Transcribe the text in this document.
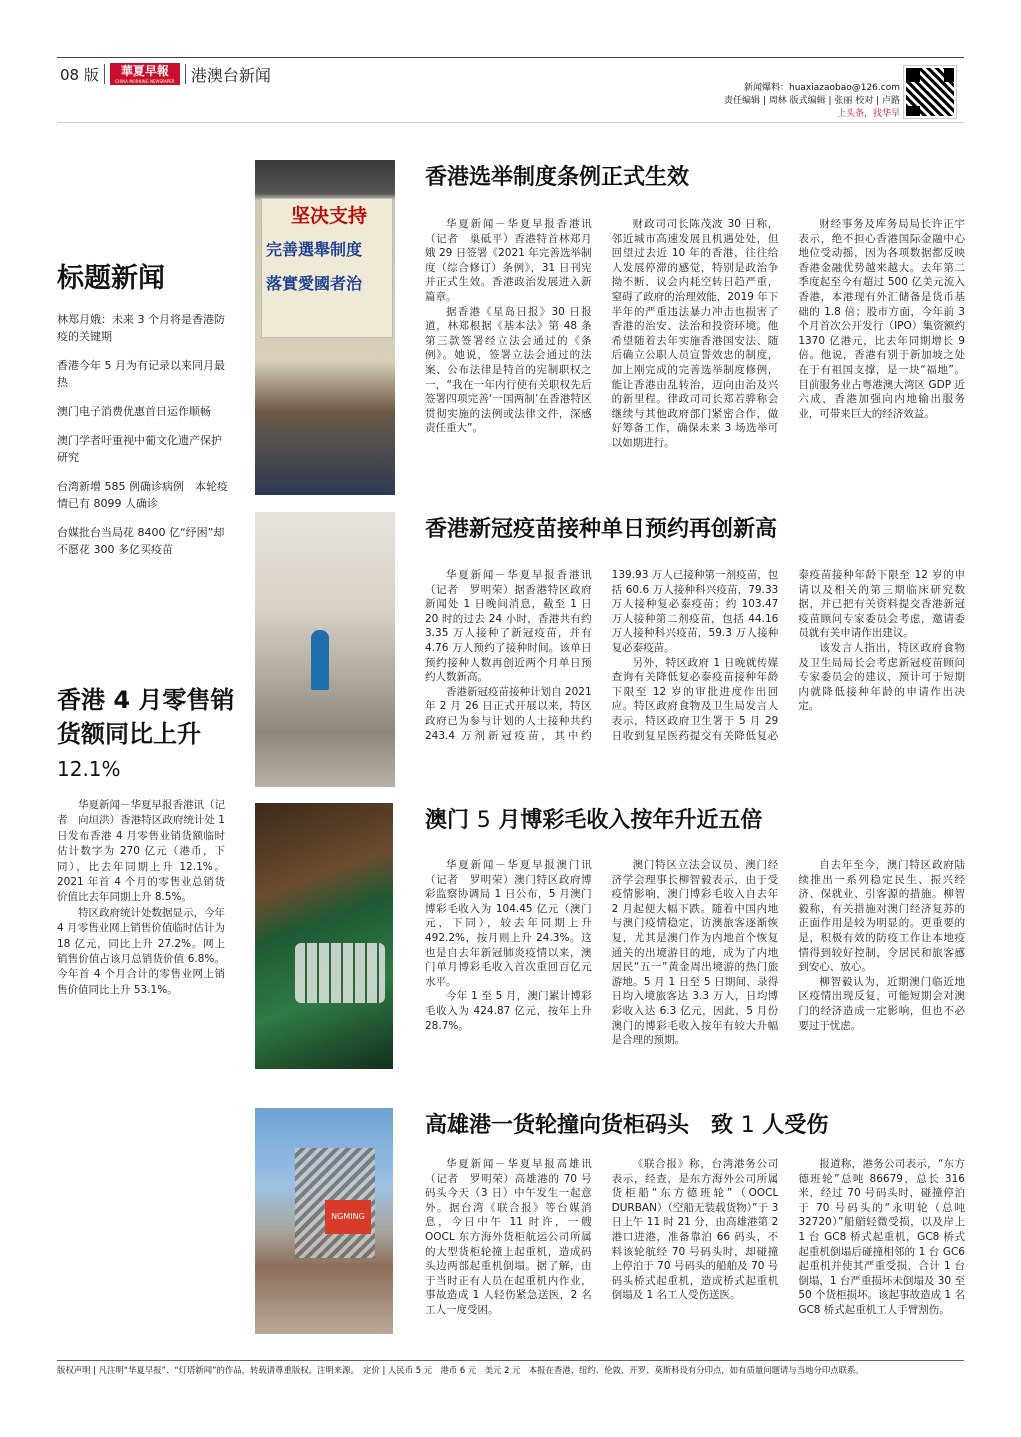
08 版	華夏早報
CHINA MORNING NEWSPAPER	港澳台新闻
新闻爆料：huaxiazaobao@126.com
责任编辑 | 周林 版式编辑 | 张丽 校对 | 卢路
上头条，找华早
坚决支持
完善選舉制度
落實愛國者治
NGMING
标题新闻
林郑月娥：未来 3 个月将是香港防疫的关键期
香港今年 5 月为有记录以来同月最热
澳门电子消费优惠首日运作顺畅
澳门学者吁重视中葡文化遗产保护研究
台湾新增 585 例确诊病例　本轮疫情已有 8099 人确诊
台媒批台当局花 8400 亿“纾困”却不愿花 300 多亿买疫苗
香港 4 月零售销货额同比上升 12.1%

华夏新闻－华夏早报香港讯（记者　向垣洪）香港特区政府统计处 1 日发布香港 4 月零售业销货额临时估计数字为 270 亿元（港币，下同），比去年同期上升 12.1%。2021 年首 4 个月的零售业总销货价值比去年同期上升 8.5%。

特区政府统计处数据显示，今年 4 月零售业网上销售价值临时估计为 18 亿元，同比上升 27.2%。网上销售价值占该月总销货价值 6.8%。今年首 4 个月合计的零售业网上销售价值同比上升 53.1%。

香港选举制度条例正式生效

华夏新闻－华夏早报香港讯（记者　巢砥平）香港特首林郑月娥 29 日签署《2021 年完善选举制度（综合修订）条例》，31 日刊宪并正式生效。香港政治发展进入新篇章。

据香港《星岛日报》30 日报道，林郑根据《基本法》第 48 条第三款签署经立法会通过的《条例》。她说，签署立法会通过的法案、公布法律是特首的宪制职权之一，“我在一年内行使有关职权先后签署四项完善‘一国两制’在香港特区贯彻实施的法例或法律文件，深感责任重大”。

财政司司长陈茂波 30 日称，邻近城市高速发展且机遇处处，但回望过去近 10 年的香港，往往给人发展停滞的感觉，特别是政治争拗不断、议会内耗空转日趋严重，窒碍了政府的治理效能，2019 年下半年的严重违法暴力冲击也损害了香港的治安、法治和投资环境。他希望随着去年实施香港国安法、随后确立公职人员宣誓效忠的制度，加上刚完成的完善选举制度修例，能让香港由乱转治，迈向由治及兴的新里程。律政司司长郑若骅称会继续与其他政府部门紧密合作，做好筹备工作，确保未来 3 场选举可以如期进行。

财经事务及库务局局长许正宇表示，绝不担心香港国际金融中心地位受动摇，因为各项数据都反映香港金融优势越来越大。去年第二季度起至今有超过 500 亿美元流入香港，本港现有外汇储备是货币基础的 1.8 倍；股市方面，今年前 3 个月首次公开发行（IPO）集资额约 1370 亿港元，比去年同期增长 9 倍。他说，香港有别于新加坡之处在于有祖国支撑，是一块“福地”。目前服务业占粤港澳大湾区 GDP 近六成，香港加强向内地输出服务业，可带来巨大的经济效益。

香港新冠疫苗接种单日预约再创新高

华夏新闻－华夏早报香港讯（记者　罗明荣）据香港特区政府新闻处 1 日晚间消息，截至 1 日 20 时的过去 24 小时，香港共有约 3.35 万人接种了新冠疫苗，并有 4.76 万人预约了接种时间。该单日预约接种人数再创近两个月单日预约人数新高。

香港新冠疫苗接种计划自 2021 年 2 月 26 日正式开展以来，特区政府已为参与计划的人士接种共约 243.4 万剂新冠疫苗，其中约 139.93 万人已接种第一剂疫苗，包括 60.6 万人接种科兴疫苗，79.33 万人接种复必泰疫苗；约 103.47 万人接种第二剂疫苗，包括 44.16 万人接种科兴疫苗，59.3 万人接种复必泰疫苗。

另外，特区政府 1 日晚就传媒查询有关降低复必泰疫苗接种年龄下限至 12 岁的审批进度作出回应。特区政府食物及卫生局发言人表示，特区政府卫生署于 5 月 29 日收到复星医药提交有关降低复必泰疫苗接种年龄下限至 12 岁的申请以及相关的第三期临床研究数据，并已把有关资料提交香港新冠疫苗顾问专家委员会考虑，邀请委员就有关申请作出建议。

该发言人指出，特区政府食物及卫生局局长会考虑新冠疫苗顾问专家委员会的建议，预计可于短期内就降低接种年龄的申请作出决定。

澳门 5 月博彩毛收入按年升近五倍

华夏新闻－华夏早报澳门讯（记者　罗明荣）澳门特区政府博彩监察协调局 1 日公布，5 月澳门博彩毛收入为 104.45 亿元（澳门元，下同），较去年同期上升 492.2%，按月则上升 24.3%。这也是自去年新冠肺炎疫情以来，澳门单月博彩毛收入首次重回百亿元水平。

今年 1 至 5 月，澳门累计博彩毛收入为 424.87 亿元，按年上升 28.7%。

澳门特区立法会议员、澳门经济学会理事长柳智毅表示，由于受疫情影响，澳门博彩毛收入自去年 2 月起便大幅下跌。随着中国内地与澳门疫情稳定，访澳旅客逐渐恢复，尤其是澳门作为内地首个恢复通关的出境游目的地，成为了内地居民“五一”黄金周出境游的热门旅游地。5 月 1 日至 5 日期间，录得日均入境旅客达 3.3 万人，日均博彩收入达 6.3 亿元，因此，5 月份澳门的博彩毛收入按年有较大升幅是合理的预期。

自去年至今，澳门特区政府陆续推出一系列稳定民生、振兴经济、保就业、引客源的措施。柳智毅称，有关措施对澳门经济复苏的正面作用是较为明显的。更重要的是，积极有效的防疫工作让本地疫情得到较好控制，令居民和旅客感到安心、放心。

柳智毅认为，近期澳门临近地区疫情出现反复，可能短期会对澳门的经济造成一定影响，但也不必要过于忧虑。

高雄港一货轮撞向货柜码头　致 1 人受伤

华夏新闻－华夏早报高雄讯（记者　罗明荣）高雄港的 70 号码头今天（3 日）中午发生一起意外。据台湾《联合报》等台媒消息，今日中午 11 时许，一艘 OOCL 东方海外货柜航运公司所属的大型货柜轮撞上起重机，造成码头边两部起重机倒塌。据了解，由于当时正有人员在起重机内作业，事故造成 1 人轻伤紧急送医，2 名工人一度受困。

《联合报》称，台湾港务公司表示，经查，是东方海外公司所属货柜船“东方德班轮”（OOCL DURBAN）（空船无装载货物）”于 3 日上午 11 时 21 分，由高雄港第 2 港口进港，准备靠泊 66 码头，不料该轮航经 70 号码头时，却碰撞上停泊于 70 号码头的船舶及 70 号码头桥式起重机，造成桥式起重机倒塌及 1 名工人受伤送医。

报道称，港务公司表示，“东方德班轮”总吨 86679，总长 316 米，经过 70 号码头时，碰撞停泊于 70 号码头的“永明轮（总吨 32720）”船艏轻微受损，以及岸上 1 台 GC8 桥式起重机，GC8 桥式起重机倒塌后碰撞相邻的 1 台 GC6 起重机并使其严重受损，合计 1 台倒塌，1 台严重损坏未倒塌及 30 至 50 个货柜损坏。该起事故造成 1 名 GC8 桥式起重机工人手臂割伤。

版权声明 | 凡注明“华夏早报”、“灯塔新闻”的作品，转载请尊重版权，注明来源。　定价 | 人民币 5 元　港币 6 元　美元 2 元　本报在香港、纽约、伦敦、开罗、莫斯科设有分印点，如有质量问题请与当地分印点联系。
